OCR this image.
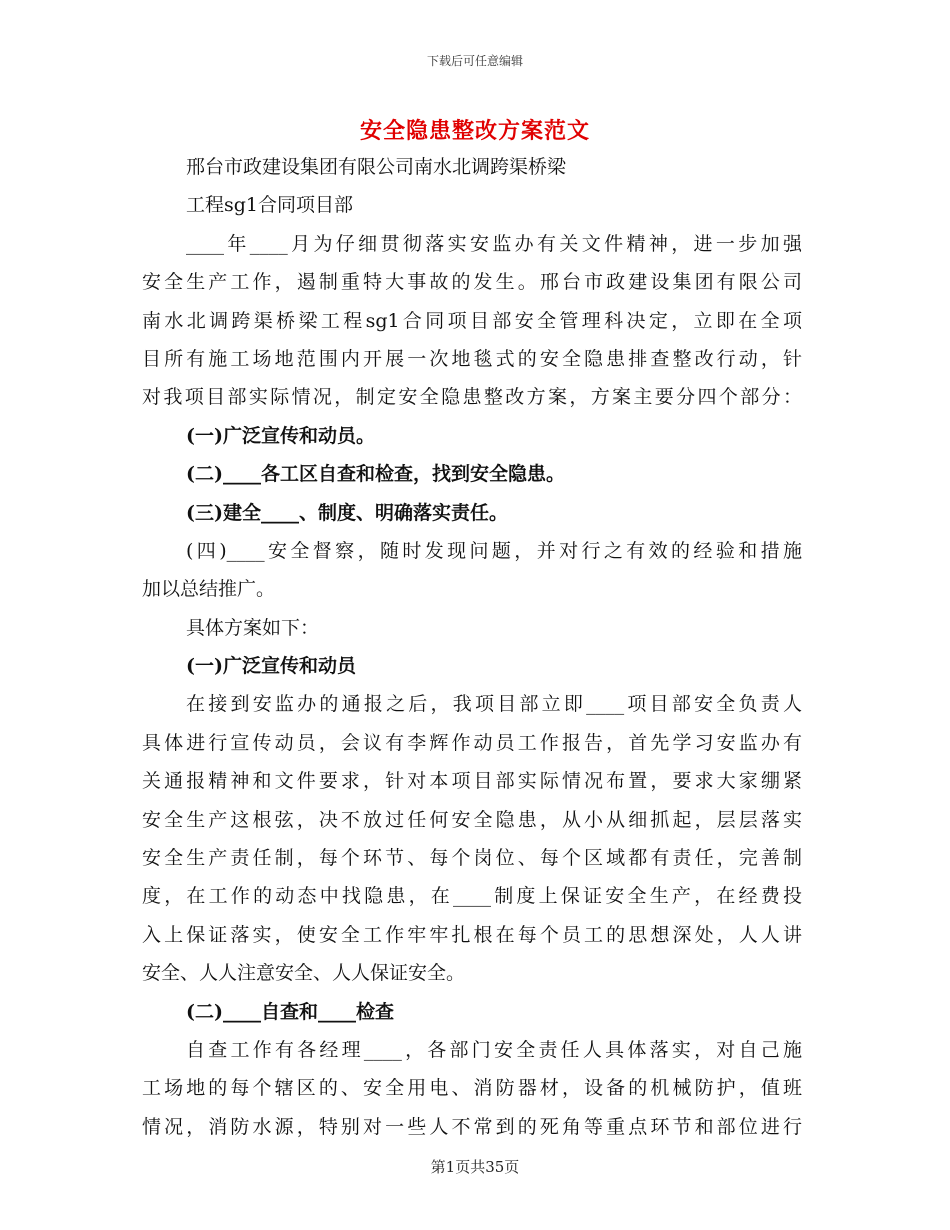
下载后可任意编辑
安全隐患整改方案范文
邢台市政建设集团有限公司南水北调跨渠桥梁
工程sg1合同项目部
____年____月为仔细贯彻落实安监办有关文件精神，进一步加强
安全生产工作，遏制重特大事故的发生。邢台市政建设集团有限公司
南水北调跨渠桥梁工程sg1合同项目部安全管理科决定，立即在全项
目所有施工场地范围内开展一次地毯式的安全隐患排查整改行动，针
对我项目部实际情况，制定安全隐患整改方案，方案主要分四个部分：
(一)广泛宣传和动员。
(二)____各工区自查和检查，找到安全隐患。
(三)建全____、制度、明确落实责任。
(四)____安全督察，随时发现问题，并对行之有效的经验和措施
加以总结推广。
具体方案如下：
(一)广泛宣传和动员
在接到安监办的通报之后，我项目部立即____项目部安全负责人
具体进行宣传动员，会议有李辉作动员工作报告，首先学习安监办有
关通报精神和文件要求，针对本项目部实际情况布置，要求大家绷紧
安全生产这根弦，决不放过任何安全隐患，从小从细抓起，层层落实
安全生产责任制，每个环节、每个岗位、每个区域都有责任，完善制
度，在工作的动态中找隐患，在____制度上保证安全生产，在经费投
入上保证落实，使安全工作牢牢扎根在每个员工的思想深处，人人讲
安全、人人注意安全、人人保证安全。
(二)____自查和____检查
自查工作有各经理____，各部门安全责任人具体落实，对自己施
工场地的每个辖区的、安全用电、消防器材，设备的机械防护，值班
情况，消防水源，特别对一些人不常到的死角等重点环节和部位进行
第1页共35页
